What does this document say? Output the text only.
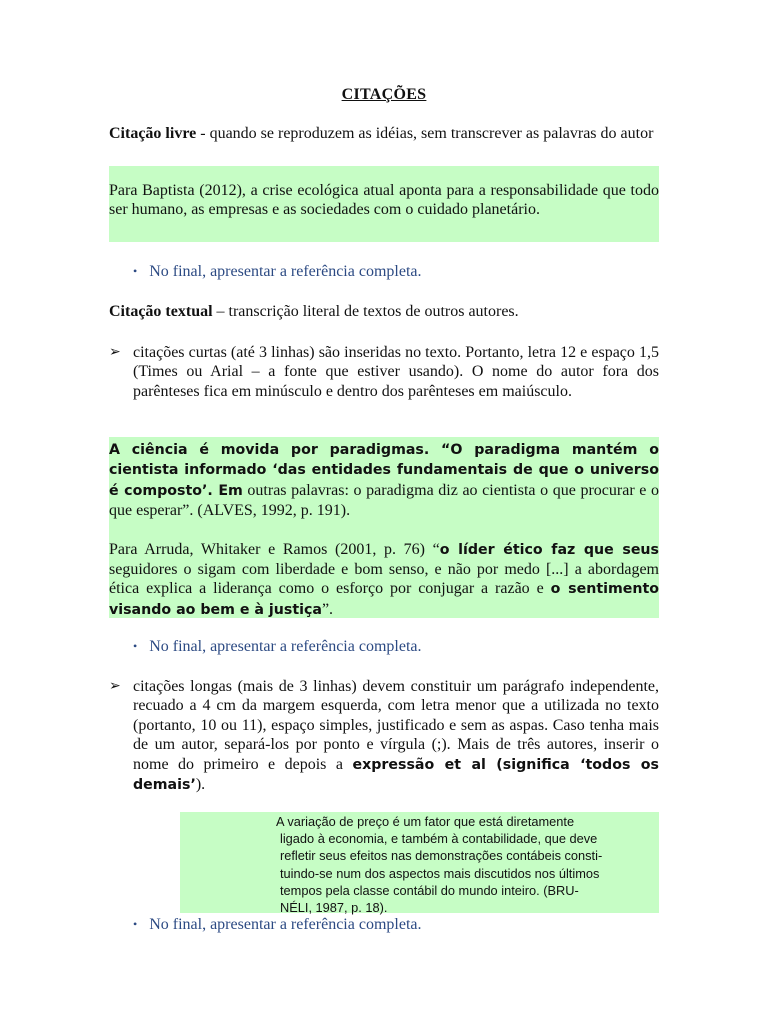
CITAÇÕES
Citação livre - quando se reproduzem as idéias, sem transcrever as palavras do autor
Para Baptista (2012), a crise ecológica atual aponta para a responsabilidade que todo ser humano, as empresas e as sociedades com o cuidado planetário.
• No final, apresentar a referência completa.
Citação textual – transcrição literal de textos de outros autores.
➢ citações curtas (até 3 linhas) são inseridas no texto. Portanto, letra 12 e espaço 1,5 (Times ou Arial – a fonte que estiver usando). O nome do autor fora dos parênteses fica em minúsculo e dentro dos parênteses em maiúsculo.

A ciência é movida por paradigmas. “O paradigma mantém o cientista informado ‘das entidades fundamentais de que o universo é composto’. Em outras palavras: o paradigma diz ao cientista o que procurar e o que esperar”. (ALVES, 1992, p. 191).

Para Arruda, Whitaker e Ramos (2001, p. 76) “o líder ético faz que seus seguidores o sigam com liberdade e bom senso, e não por medo [...] a abordagem ética explica a liderança como o esforço por conjugar a razão e o sentimento visando ao bem e à justiça”.

• No final, apresentar a referência completa.
➢ citações longas (mais de 3 linhas) devem constituir um parágrafo independente, recuado a 4 cm da margem esquerda, com letra menor que a utilizada no texto (portanto, 10 ou 11), espaço simples, justificado e sem as aspas. Caso tenha mais de um autor, separá-los por ponto e vírgula (;). Mais de três autores, inserir o nome do primeiro e depois a expressão et al (significa ‘todos os demais’).
A variação de preço é um fator que está diretamente
ligado à economia, e também à contabilidade, que deve
refletir seus efeitos nas demonstrações contábeis consti-
tuindo-se num dos aspectos mais discutidos nos últimos
tempos pela classe contábil do mundo inteiro. (BRU-
NÉLI, 1987, p. 18).
• No final, apresentar a referência completa.
